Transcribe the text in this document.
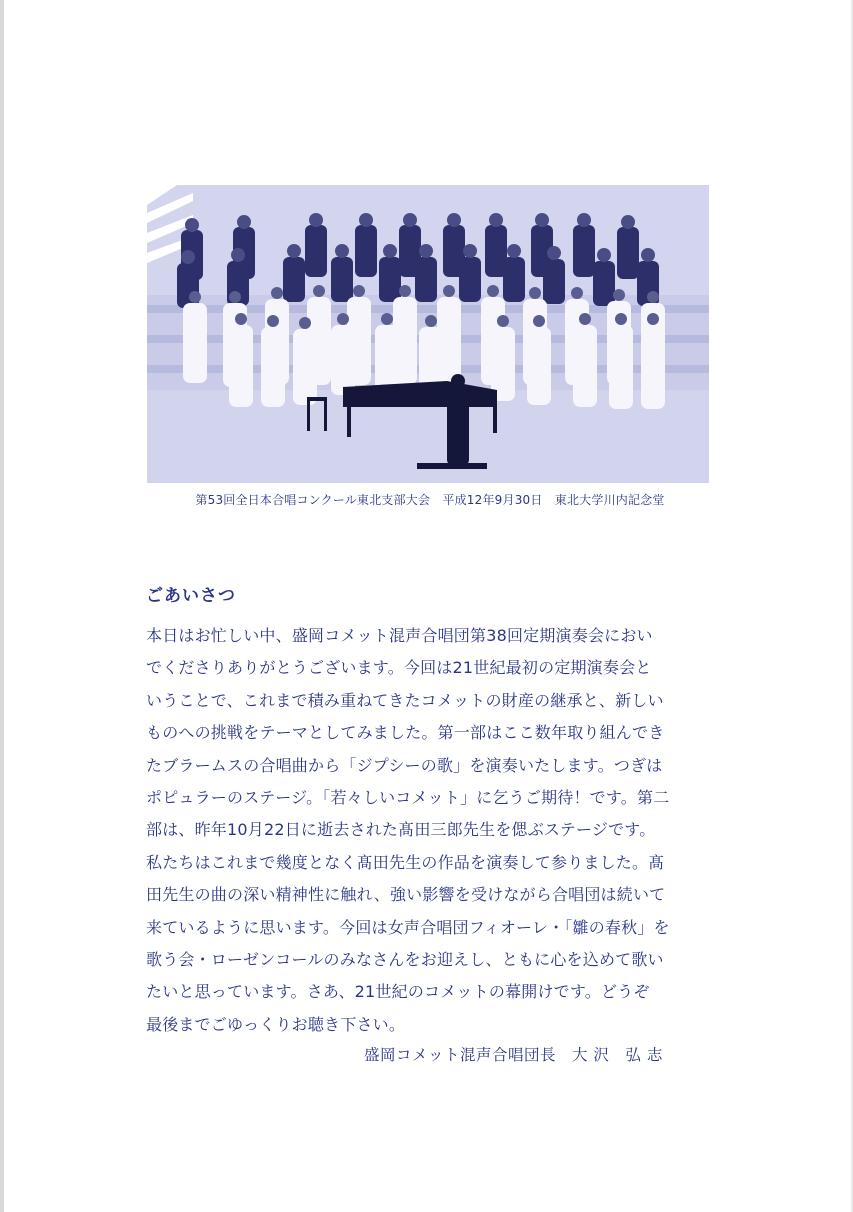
第53回全日本合唱コンクール東北支部大会　平成12年9月30日　東北大学川内記念堂
ごあいさつ
本日はお忙しい中、盛岡コメット混声合唱団第38回定期演奏会におい
でくださりありがとうございます。今回は21世紀最初の定期演奏会と
いうことで、これまで積み重ねてきたコメットの財産の継承と、新しい
ものへの挑戦をテーマとしてみました。第一部はここ数年取り組んでき
たブラームスの合唱曲から「ジプシーの歌」を演奏いたします。つぎは
ポピュラーのステージ。「若々しいコメット」に乞うご期待！です。第二
部は、昨年10月22日に逝去された髙田三郎先生を偲ぶステージです。
私たちはこれまで幾度となく髙田先生の作品を演奏して参りました。髙
田先生の曲の深い精神性に触れ、強い影響を受けながら合唱団は続いて
来ているように思います。今回は女声合唱団フィオーレ・「雛の春秋」を
歌う会・ローゼンコールのみなさんをお迎えし、ともに心を込めて歌い
たいと思っています。さあ、21世紀のコメットの幕開けです。どうぞ
最後までごゆっくりお聴き下さい。
盛岡コメット混声合唱団長　大 沢　弘 志
